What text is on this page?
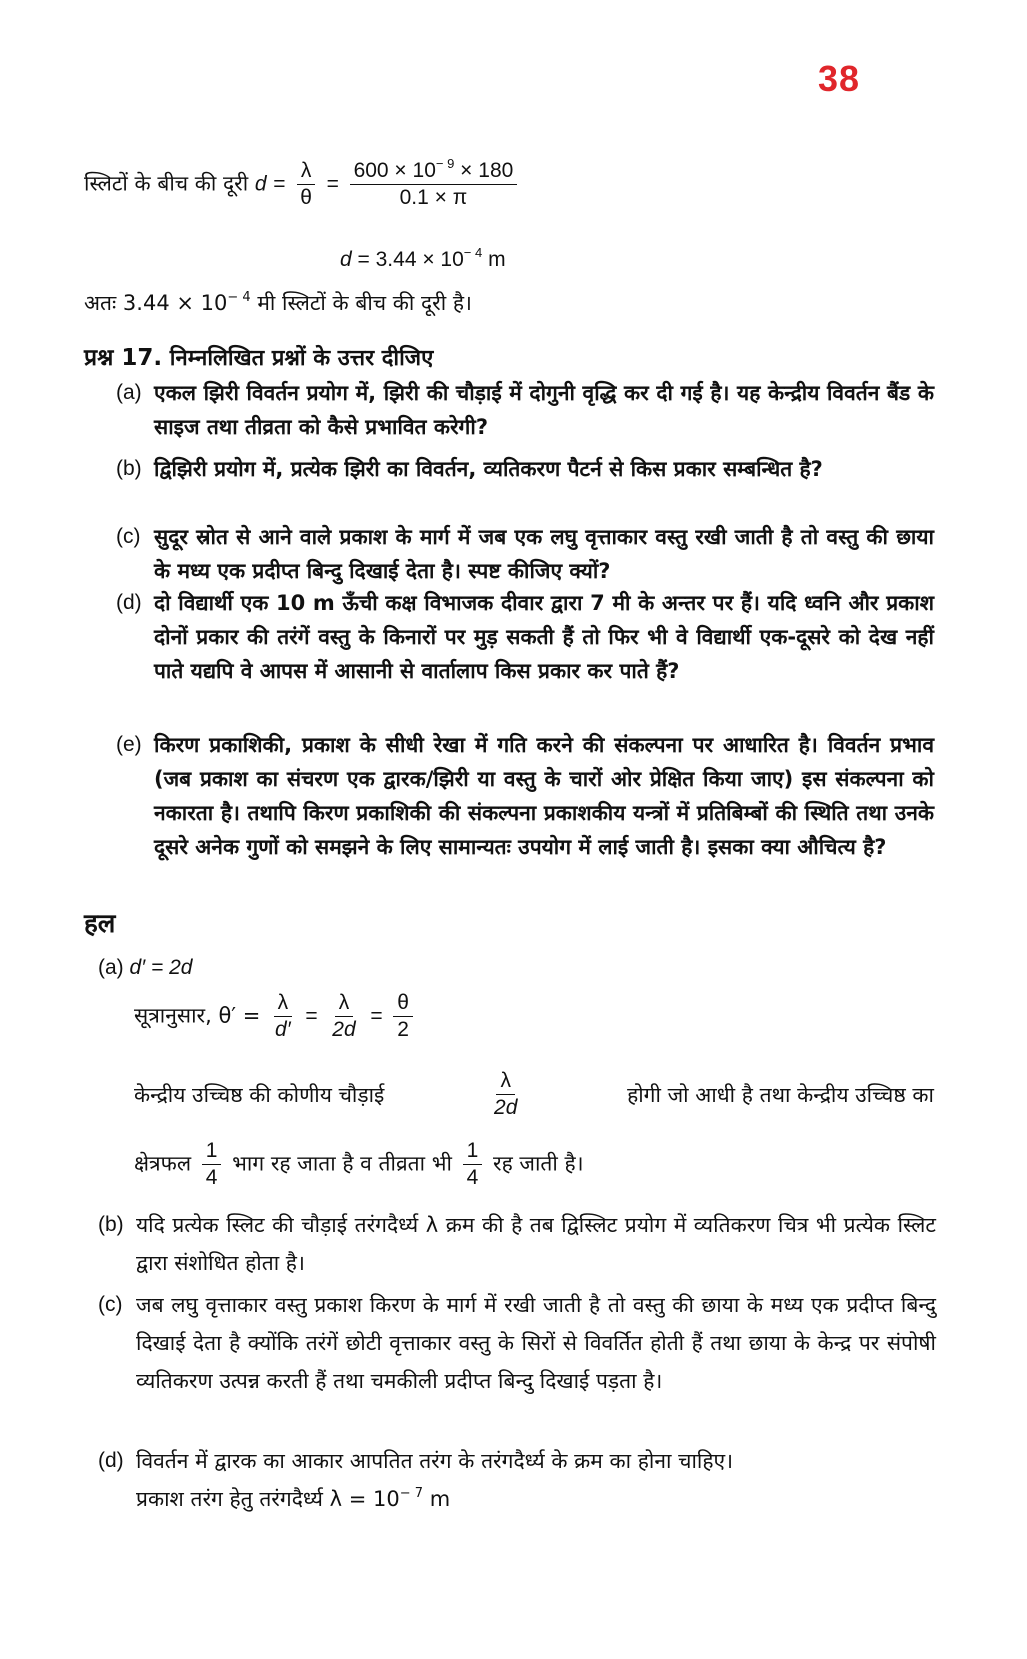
38
स्लिटों के बीच की दूरी $d = \frac{\lambda}{\theta} = \frac{600 \times 10^{- 9} \times 180}{0.1 \times \pi}$
$d = 3.44 \times 10^{- 4}$ m
अतः $3.44 \times 10^{- 4}$ मी स्लिटों के बीच की दूरी है।
प्रश्न 17. निम्नलिखित प्रश्नों के उत्तर दीजिए
(a) एकल झिरी विवर्तन प्रयोग में, झिरी की चौड़ाई में दोगुनी वृद्धि कर दी गई है। यह केन्द्रीय विवर्तन बैंड के साइज तथा तीव्रता को कैसे प्रभावित करेगी?
(b) द्विझिरी प्रयोग में, प्रत्येक झिरी का विवर्तन, व्यतिकरण पैटर्न से किस प्रकार सम्बन्धित है?
(c) सुदूर स्रोत से आने वाले प्रकाश के मार्ग में जब एक लघु वृत्ताकार वस्तु रखी जाती है तो वस्तु की छाया के मध्य एक प्रदीप्त बिन्दु दिखाई देता है। स्पष्ट कीजिए क्यों?
(d) दो विद्यार्थी एक 10 m ऊँची कक्ष विभाजक दीवार द्वारा 7 मी के अन्तर पर हैं। यदि ध्वनि और प्रकाश दोनों प्रकार की तरंगें वस्तु के किनारों पर मुड़ सकती हैं तो फिर भी वे विद्यार्थी एक-दूसरे को देख नहीं पाते यद्यपि वे आपस में आसानी से वार्तालाप किस प्रकार कर पाते हैं?
(e) किरण प्रकाशिकी, प्रकाश के सीधी रेखा में गति करने की संकल्पना पर आधारित है। विवर्तन प्रभाव (जब प्रकाश का संचरण एक द्वारक/झिरी या वस्तु के चारों ओर प्रेक्षित किया जाए) इस संकल्पना को नकारता है। तथापि किरण प्रकाशिकी की संकल्पना प्रकाशकीय यन्त्रों में प्रतिबिम्बों की स्थिति तथा उनके दूसरे अनेक गुणों को समझने के लिए सामान्यतः उपयोग में लाई जाती है। इसका क्या औचित्य है?
हल
(a) d′ = 2d
सूत्रानुसार, $\theta' = \frac{\lambda}{d'} = \frac{\lambda}{2d} = \frac{\theta}{2}$
केन्द्रीय उच्चिष्ठ की कोणीय चौड़ाई	$\frac{\lambda}{2d}$	होगी जो आधी है तथा केन्द्रीय उच्चिष्ठ का
क्षेत्रफल $\frac{1}{4}$ भाग रह जाता है व तीव्रता भी $\frac{1}{4}$ रह जाती है।
(b) यदि प्रत्येक स्लिट की चौड़ाई तरंगदैर्ध्य λ क्रम की है तब द्विस्लिट प्रयोग में व्यतिकरण चित्र भी प्रत्येक स्लिट द्वारा संशोधित होता है।
(c) जब लघु वृत्ताकार वस्तु प्रकाश किरण के मार्ग में रखी जाती है तो वस्तु की छाया के मध्य एक प्रदीप्त बिन्दु दिखाई देता है क्योंकि तरंगें छोटी वृत्ताकार वस्तु के सिरों से विवर्तित होती हैं तथा छाया के केन्द्र पर संपोषी व्यतिकरण उत्पन्न करती हैं तथा चमकीली प्रदीप्त बिन्दु दिखाई पड़ता है।
(d) विवर्तन में द्वारक का आकार आपतित तरंग के तरंगदैर्ध्य के क्रम का होना चाहिए।
प्रकाश तरंग हेतु तरंगदैर्ध्य $\lambda = 10^{- 7}$ m
